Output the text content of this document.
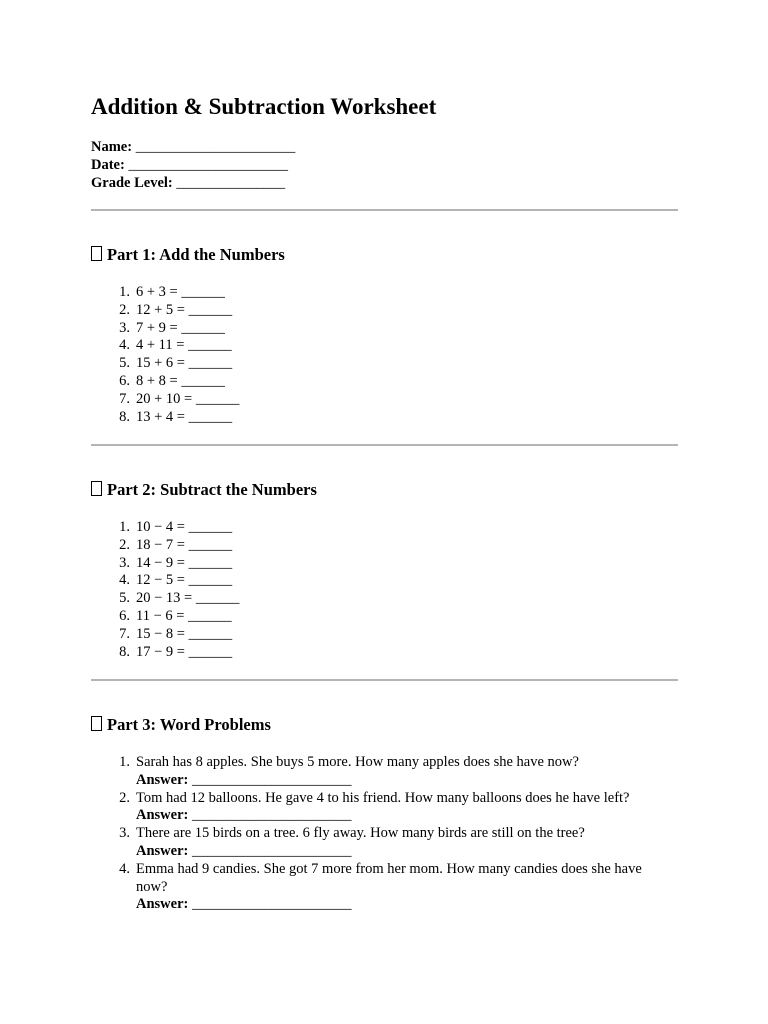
Addition & Subtraction Worksheet
Name: ______________________
Date: ______________________
Grade Level: _______________
Part 1: Add the Numbers
1. 6 + 3 = ______
2. 12 + 5 = ______
3. 7 + 9 = ______
4. 4 + 11 = ______
5. 15 + 6 = ______
6. 8 + 8 = ______
7. 20 + 10 = ______
8. 13 + 4 = ______
Part 2: Subtract the Numbers
1. 10 − 4 = ______
2. 18 − 7 = ______
3. 14 − 9 = ______
4. 12 − 5 = ______
5. 20 − 13 = ______
6. 11 − 6 = ______
7. 15 − 8 = ______
8. 17 − 9 = ______
Part 3: Word Problems
1. Sarah has 8 apples. She buys 5 more. How many apples does she have now?
Answer: ______________________
2. Tom had 12 balloons. He gave 4 to his friend. How many balloons does he have left?
Answer: ______________________
3. There are 15 birds on a tree. 6 fly away. How many birds are still on the tree?
Answer: ______________________
4. Emma had 9 candies. She got 7 more from her mom. How many candies does she have now?
Answer: ______________________
